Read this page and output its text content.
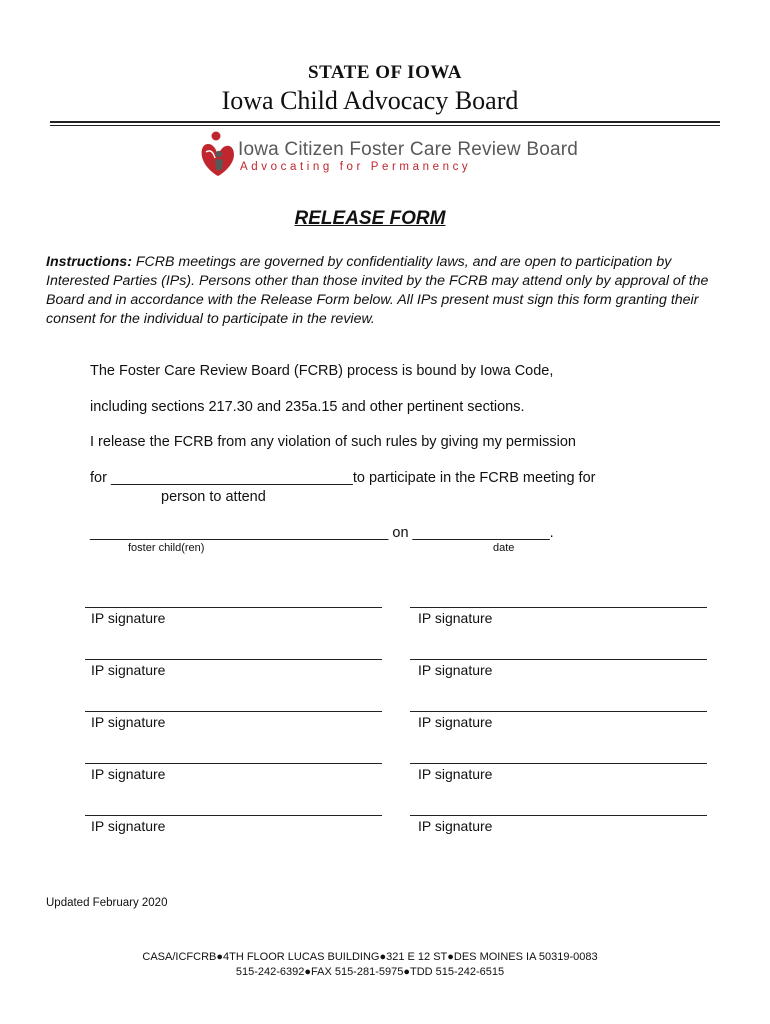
STATE OF IOWA
Iowa Child Advocacy Board
Iowa Citizen Foster Care Review Board
Advocating for Permanency
RELEASE FORM
Instructions: FCRB meetings are governed by confidentiality laws, and are open to participation by Interested Parties (IPs). Persons other than those invited by the FCRB may attend only by approval of the Board and in accordance with the Release Form below. All IPs present must sign this form granting their consent for the individual to participate in the review.
The Foster Care Review Board (FCRB) process is bound by Iowa Code,
including sections 217.30 and 235a.15 and other pertinent sections.
I release the FCRB from any violation of such rules by giving my permission
for ______________________________to participate in the FCRB meeting for
person to attend
_____________________________________ on _________________.
foster child(ren)	date
IP signature	IP signature
IP signature	IP signature
IP signature	IP signature
IP signature	IP signature
IP signature	IP signature
Updated February 2020
CASA/ICFCRB●4TH FLOOR LUCAS BUILDING●321 E 12 ST●DES MOINES IA 50319-0083
515-242-6392●FAX 515-281-5975●TDD 515-242-6515
